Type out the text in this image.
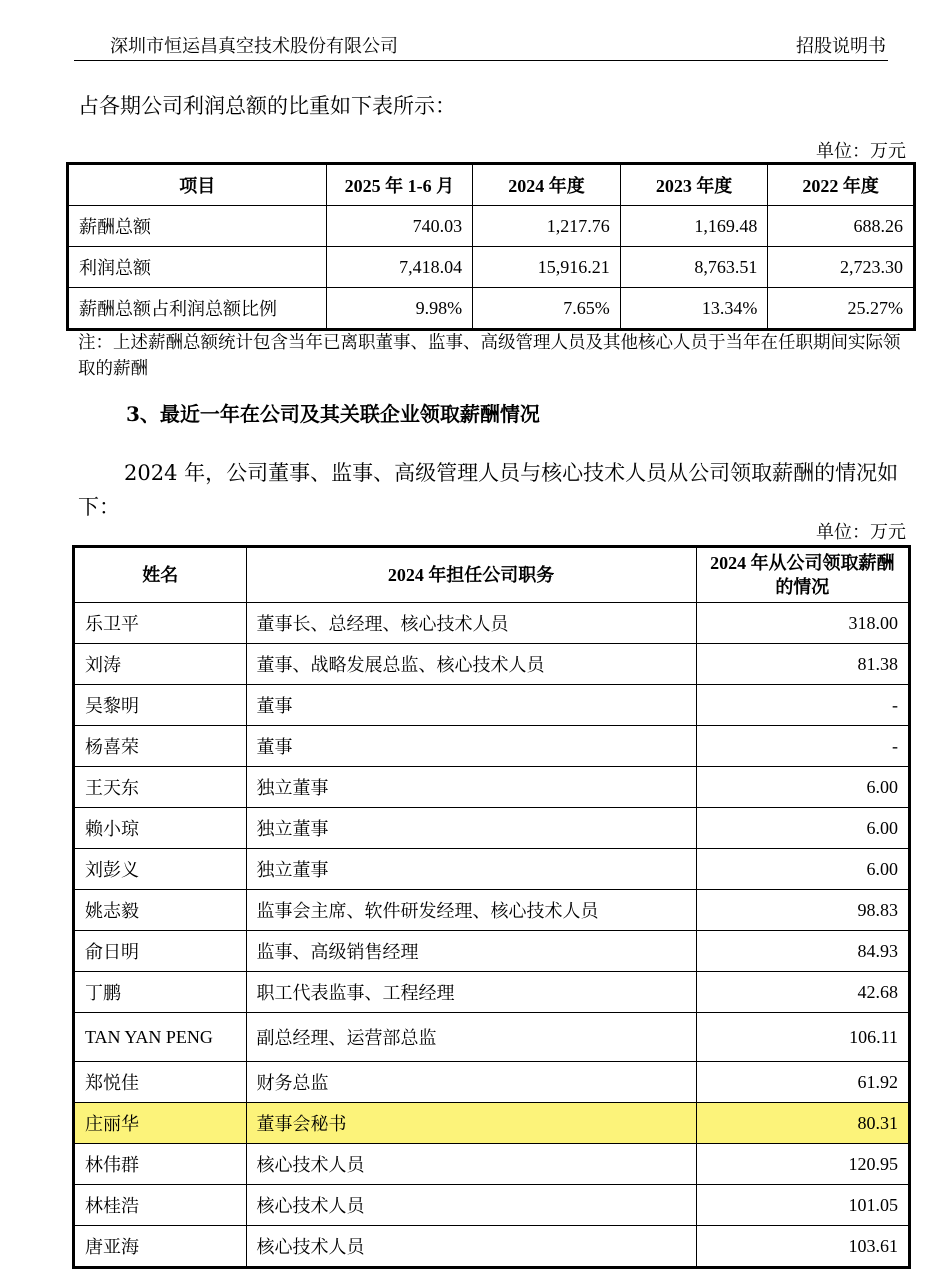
深圳市恒运昌真空技术股份有限公司	招股说明书
占各期公司利润总额的比重如下表所示：
单位：万元
项目	2025 年 1-6 月	2024 年度	2023 年度	2022 年度
薪酬总额	740.03	1,217.76	1,169.48	688.26
利润总额	7,418.04	15,916.21	8,763.51	2,723.30
薪酬总额占利润总额比例	9.98%	7.65%	13.34%	25.27%
注：上述薪酬总额统计包含当年已离职董事、监事、高级管理人员及其他核心人员于当年在任职期间实际领取的薪酬
3、最近一年在公司及其关联企业领取薪酬情况
2024 年，公司董事、监事、高级管理人员与核心技术人员从公司领取薪酬的情况如下：
单位：万元
姓名	2024 年担任公司职务	2024 年从公司领取薪酬的情况
乐卫平	董事长、总经理、核心技术人员	318.00
刘涛	董事、战略发展总监、核心技术人员	81.38
吴黎明	董事	-
杨喜荣	董事	-
王天东	独立董事	6.00
赖小琼	独立董事	6.00
刘彭义	独立董事	6.00
姚志毅	监事会主席、软件研发经理、核心技术人员	98.83
俞日明	监事、高级销售经理	84.93
丁鹏	职工代表监事、工程经理	42.68
TAN YAN PENG	副总经理、运营部总监	106.11
郑悦佳	财务总监	61.92
庄丽华	董事会秘书	80.31
林伟群	核心技术人员	120.95
林桂浩	核心技术人员	101.05
唐亚海	核心技术人员	103.61
